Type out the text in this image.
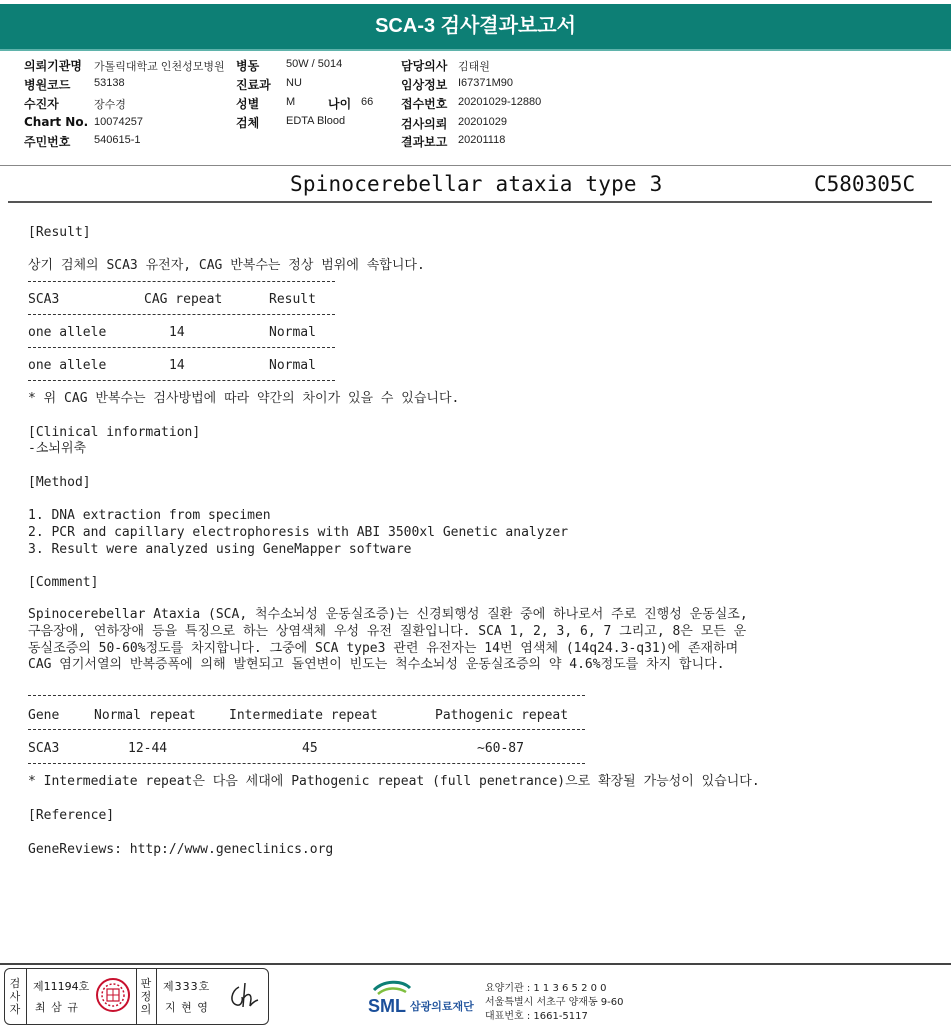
SCA-3 검사결과보고서
의뢰기관명 가톨릭대학교 인천성모병원 병동 50W / 5014	담당의사 김태원
병원코드 53138	진료과 NU	임상정보 I67371M90
수진자	장수경	성별 M	나이 66 접수번호 20201029-12880
Chart No. 10074257	검체 EDTA Blood	검사의뢰 20201029
주민번호 540615-1	결과보고 20201118
Spinocerebellar ataxia type 3	C580305C
[Result]
상기 검체의 SCA3 유전자, CAG 반복수는 정상 범위에 속합니다.
SCA3	CAG repeat	Result
one allele	14	Normal
one allele	14	Normal
* 위 CAG 반복수는 검사방법에 따라 약간의 차이가 있을 수 있습니다.
[Clinical information]
-소뇌위축
[Method]
1. DNA extraction from specimen
2. PCR and capillary electrophoresis with ABI 3500xl Genetic analyzer
3. Result were analyzed using GeneMapper software
[Comment]
Spinocerebellar Ataxia (SCA, 척수소뇌성 운동실조증)는 신경퇴행성 질환 중에 하나로서 주로 진행성 운동실조,
구음장애, 연하장애 등을 특징으로 하는 상염색체 우성 유전 질환입니다. SCA 1, 2, 3, 6, 7 그리고, 8은 모든 운
동실조증의 50-60%정도를 차지합니다. 그중에 SCA type3 관련 유전자는 14번 염색체 (14q24.3-q31)에 존재하며
CAG 염기서열의 반복증폭에 의해 발현되고 돌연변이 빈도는 척수소뇌성 운동실조증의 약 4.6%정도를 차지 합니다.
Gene	Normal repeat	Intermediate repeat	Pathogenic repeat
SCA3	12-44	45	~60-87
* Intermediate repeat은 다음 세대에 Pathogenic repeat (full penetrance)으로 확장될 가능성이 있습니다.
[Reference]
GeneReviews: http://www.geneclinics.org
검사자
제11194호
최 삼 규
판정의
제333호
지 현 영	SML 삼광의료재단
요양기관 : 1 1 3 6 5 2 0 0
서울특별시 서초구 양재동 9-60
대표번호 : 1661-5117
